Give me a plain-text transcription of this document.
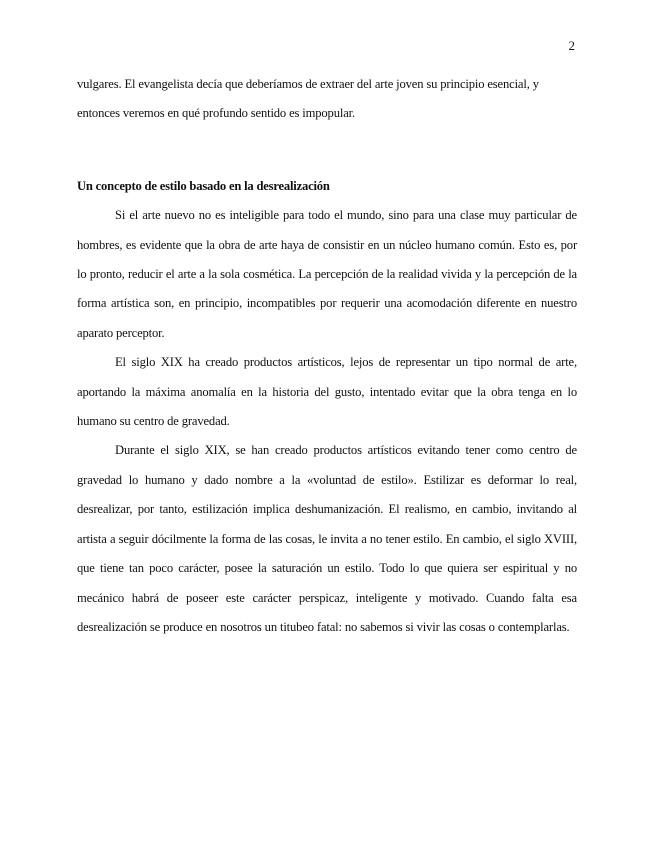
2

vulgares. El evangelista decía que deberíamos de extraer del arte joven su principio esencial, y entonces veremos en qué profundo sentido es impopular.

Un concepto de estilo basado en la desrealización

Si el arte nuevo no es inteligible para todo el mundo, sino para una clase muy particular de hombres, es evidente que la obra de arte haya de consistir en un núcleo humano común. Esto es, por lo pronto, reducir el arte a la sola cosmética. La percepción de la realidad vivida y la percepción de la forma artística son, en principio, incompatibles por requerir una acomodación diferente en nuestro aparato perceptor.

El siglo XIX ha creado productos artísticos, lejos de representar un tipo normal de arte, aportando la máxima anomalía en la historia del gusto, intentado evitar que la obra tenga en lo humano su centro de gravedad.

Durante el siglo XIX, se han creado productos artísticos evitando tener como centro de gravedad lo humano y dado nombre a la «voluntad de estilo». Estilizar es deformar lo real, desrealizar, por tanto, estilización implica deshumanización. El realismo, en cambio, invitando al artista a seguir dócilmente la forma de las cosas, le invita a no tener estilo. En cambio, el siglo XVIII, que tiene tan poco carácter, posee la saturación un estilo. Todo lo que quiera ser espiritual y no mecánico habrá de poseer este carácter perspicaz, inteligente y motivado. Cuando falta esa desrealización se produce en nosotros un titubeo fatal: no sabemos si vivir las cosas o contemplarlas.
